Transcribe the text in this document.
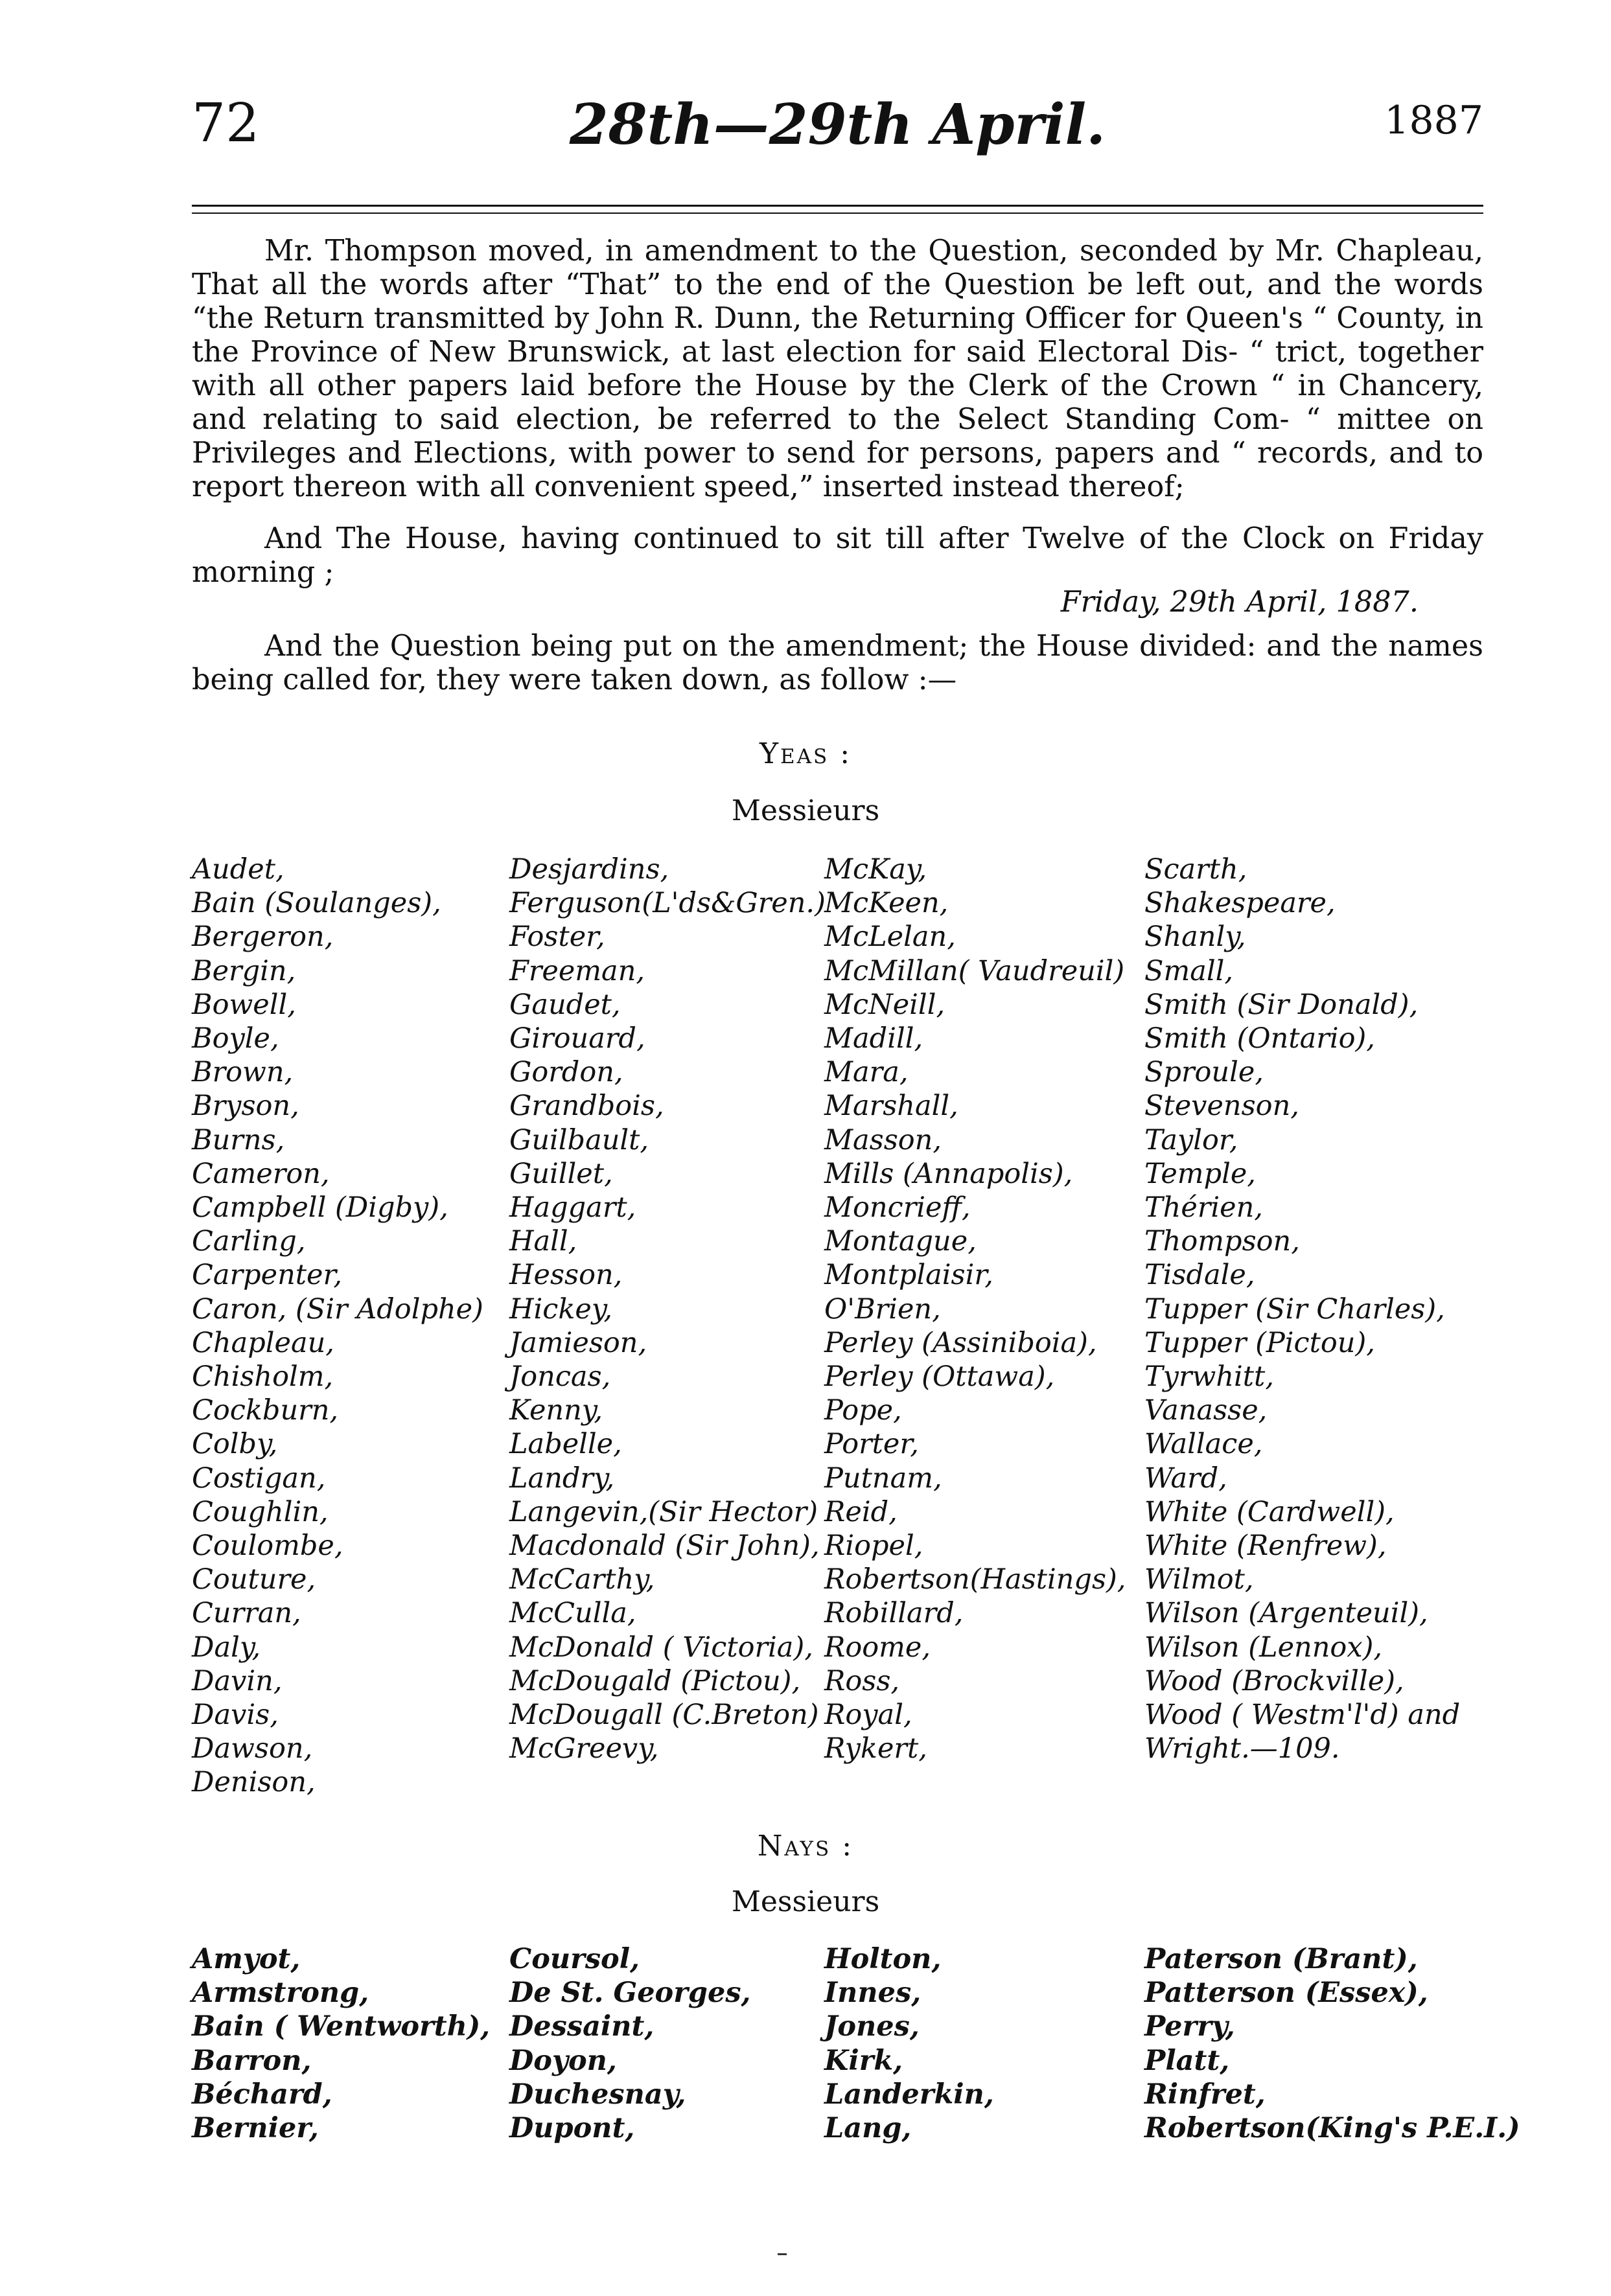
72	28th—29th April.	1887

Mr. Thompson moved, in amendment to the Question, seconded by Mr. Chapleau, That all the words after “That” to the end of the Question be left out, and the words “the Return transmitted by John R. Dunn, the Returning Officer for Queen's “ County, in the Province of New Brunswick, at last election for said Electoral Dis- “ trict, together with all other papers laid before the House by the Clerk of the Crown “ in Chancery, and relating to said election, be referred to the Select Standing Com- “ mittee on Privileges and Elections, with power to send for persons, papers and “ records, and to report thereon with all convenient speed,” inserted instead thereof;

And The House, having continued to sit till after Twelve of the Clock on Friday morning ;

Friday, 29th April, 1887.

And the Question being put on the amendment; the House divided: and the names being called for, they were taken down, as follow :—

Yeas :
Messieurs
Audet,
Bain (Soulanges),
Bergeron,
Bergin,
Bowell,
Boyle,
Brown,
Bryson,
Burns,
Cameron,
Campbell (Digby),
Carling,
Carpenter,
Caron, (Sir Adolphe)
Chapleau,
Chisholm,
Cockburn,
Colby,
Costigan,
Coughlin,
Coulombe,
Couture,
Curran,
Daly,
Davin,
Davis,
Dawson,
Denison,
Desjardins,
Ferguson(L'ds&Gren.)
Foster,
Freeman,
Gaudet,
Girouard,
Gordon,
Grandbois,
Guilbault,
Guillet,
Haggart,
Hall,
Hesson,
Hickey,
Jamieson,
Joncas,
Kenny,
Labelle,
Landry,
Langevin,(Sir Hector)
Macdonald (Sir John),
McCarthy,
McCulla,
McDonald ( Victoria),
McDougald (Pictou),
McDougall (C.Breton)
McGreevy,
McKay,
McKeen,
McLelan,
McMillan( Vaudreuil)
McNeill,
Madill,
Mara,
Marshall,
Masson,
Mills (Annapolis),
Moncrieff,
Montague,
Montplaisir,
O'Brien,
Perley (Assiniboia),
Perley (Ottawa),
Pope,
Porter,
Putnam,
Reid,
Riopel,
Robertson(Hastings),
Robillard,
Roome,
Ross,
Royal,
Rykert,
Scarth,
Shakespeare,
Shanly,
Small,
Smith (Sir Donald),
Smith (Ontario),
Sproule,
Stevenson,
Taylor,
Temple,
Thérien,
Thompson,
Tisdale,
Tupper (Sir Charles),
Tupper (Pictou),
Tyrwhitt,
Vanasse,
Wallace,
Ward,
White (Cardwell),
White (Renfrew),
Wilmot,
Wilson (Argenteuil),
Wilson (Lennox),
Wood (Brockville),
Wood ( Westm'l'd) and
Wright.—109.
Nays :
Messieurs
Amyot,
Armstrong,
Bain ( Wentworth),
Barron,
Béchard,
Bernier,
Coursol,
De St. Georges,
Dessaint,
Doyon,
Duchesnay,
Dupont,
Holton,
Innes,
Jones,
Kirk,
Landerkin,
Lang,
Paterson (Brant),
Patterson (Essex),
Perry,
Platt,
Rinfret,
Robertson(King's P.E.I.)
